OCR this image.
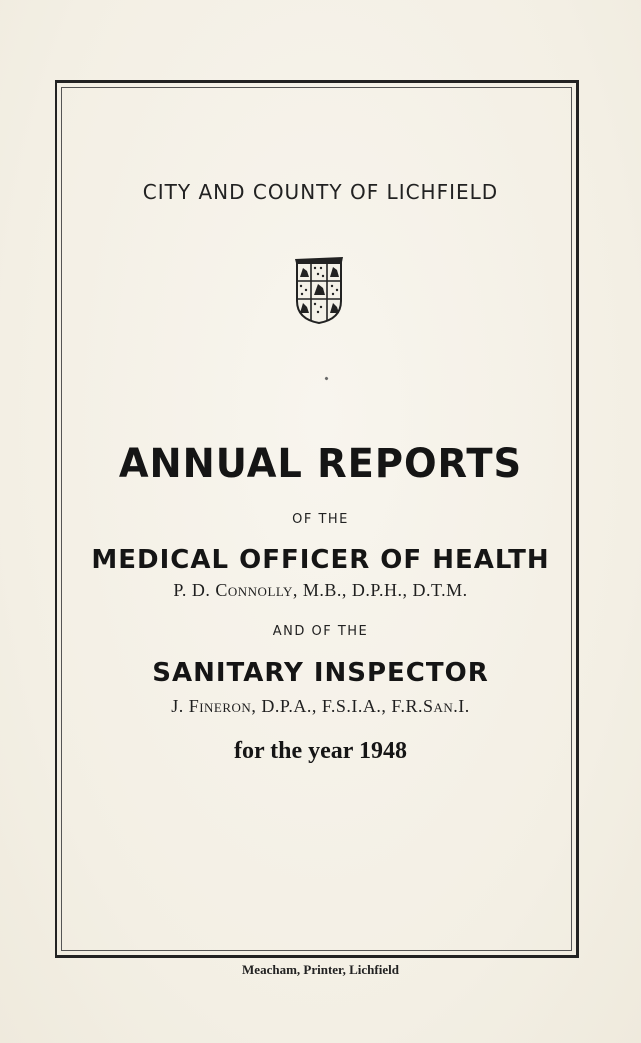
CITY AND COUNTY OF LICHFIELD
ANNUAL REPORTS
OF THE
MEDICAL OFFICER OF HEALTH
P. D. Connolly, M.B., D.P.H., D.T.M.
AND OF THE
SANITARY INSPECTOR
J. Fineron, D.P.A., F.S.I.A., F.R.San.I.
for the year 1948
Meacham, Printer, Lichfield
